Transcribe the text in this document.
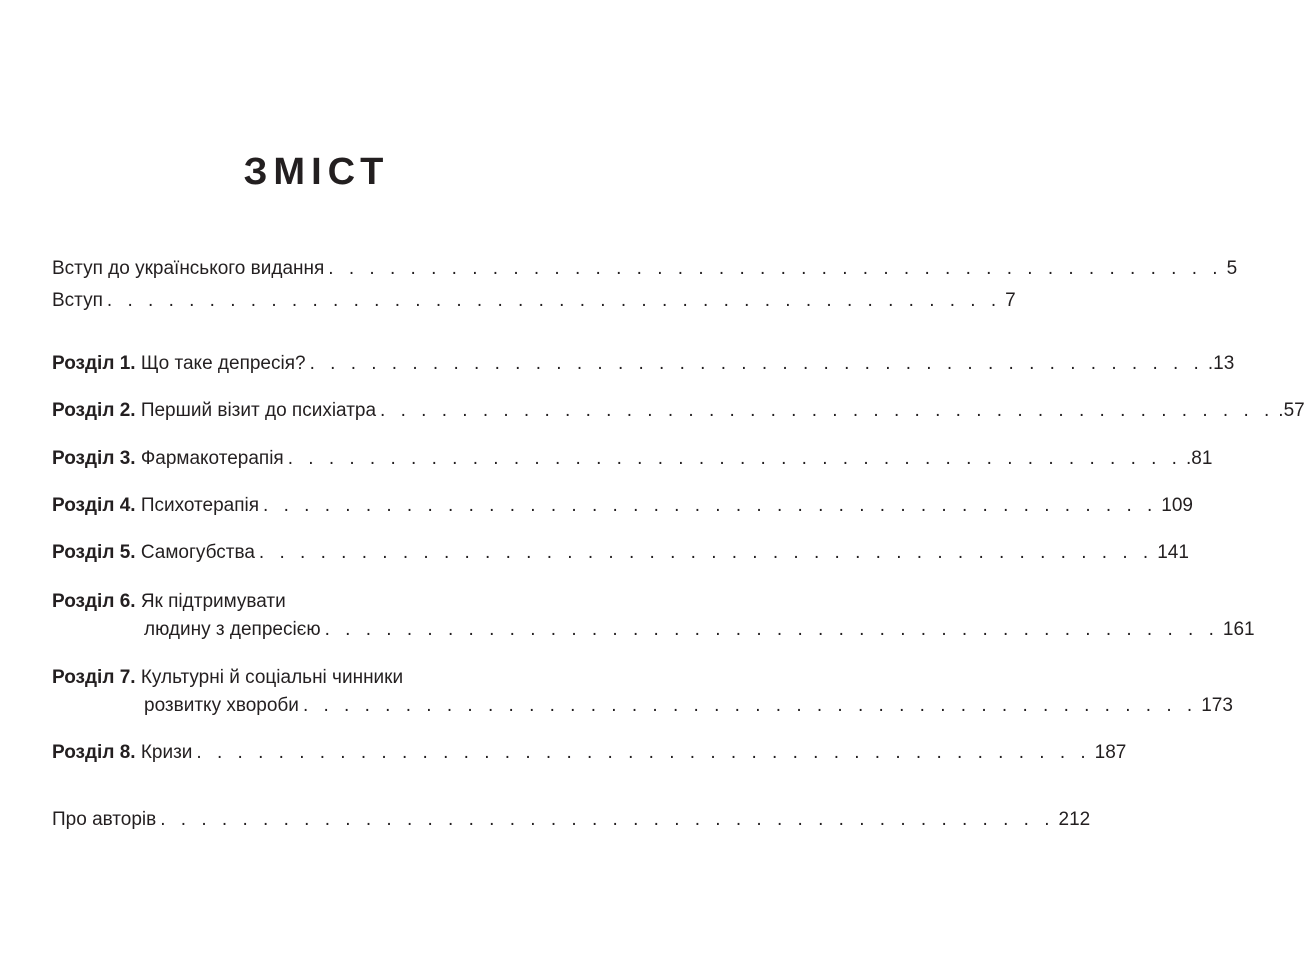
ЗМІСТ
Вступ до українського видання . . . . . . . . . . . . . . . . . . . . . . . . . . . . . . . . . . . . . . . . . . . . 5
Вступ . . . . . . . . . . . . . . . . . . . . . . . . . . . . . . . . . . . . . . . . . . . . 7
Розділ 1. Що таке депресія? . . . . . . . . . . . . . . . . . . . . . . . . . . . . . . . . . . . . . . . . . . . . .13
Розділ 2. Перший візит до психіатра . . . . . . . . . . . . . . . . . . . . . . . . . . . . . . . . . . . . . . . . . . . . .57
Розділ 3. Фармакотерапія . . . . . . . . . . . . . . . . . . . . . . . . . . . . . . . . . . . . . . . . . . . . .81
Розділ 4. Психотерапія . . . . . . . . . . . . . . . . . . . . . . . . . . . . . . . . . . . . . . . . . . . . 109
Розділ 5. Самогубства . . . . . . . . . . . . . . . . . . . . . . . . . . . . . . . . . . . . . . . . . . . . 141
Розділ 6. Як підтримувати
людину з депресією . . . . . . . . . . . . . . . . . . . . . . . . . . . . . . . . . . . . . . . . . . . . 161
Розділ 7. Культурні й соціальні чинники
розвитку хвороби . . . . . . . . . . . . . . . . . . . . . . . . . . . . . . . . . . . . . . . . . . . . 173
Розділ 8. Кризи . . . . . . . . . . . . . . . . . . . . . . . . . . . . . . . . . . . . . . . . . . . . 187
Про авторів . . . . . . . . . . . . . . . . . . . . . . . . . . . . . . . . . . . . . . . . . . . . 212
